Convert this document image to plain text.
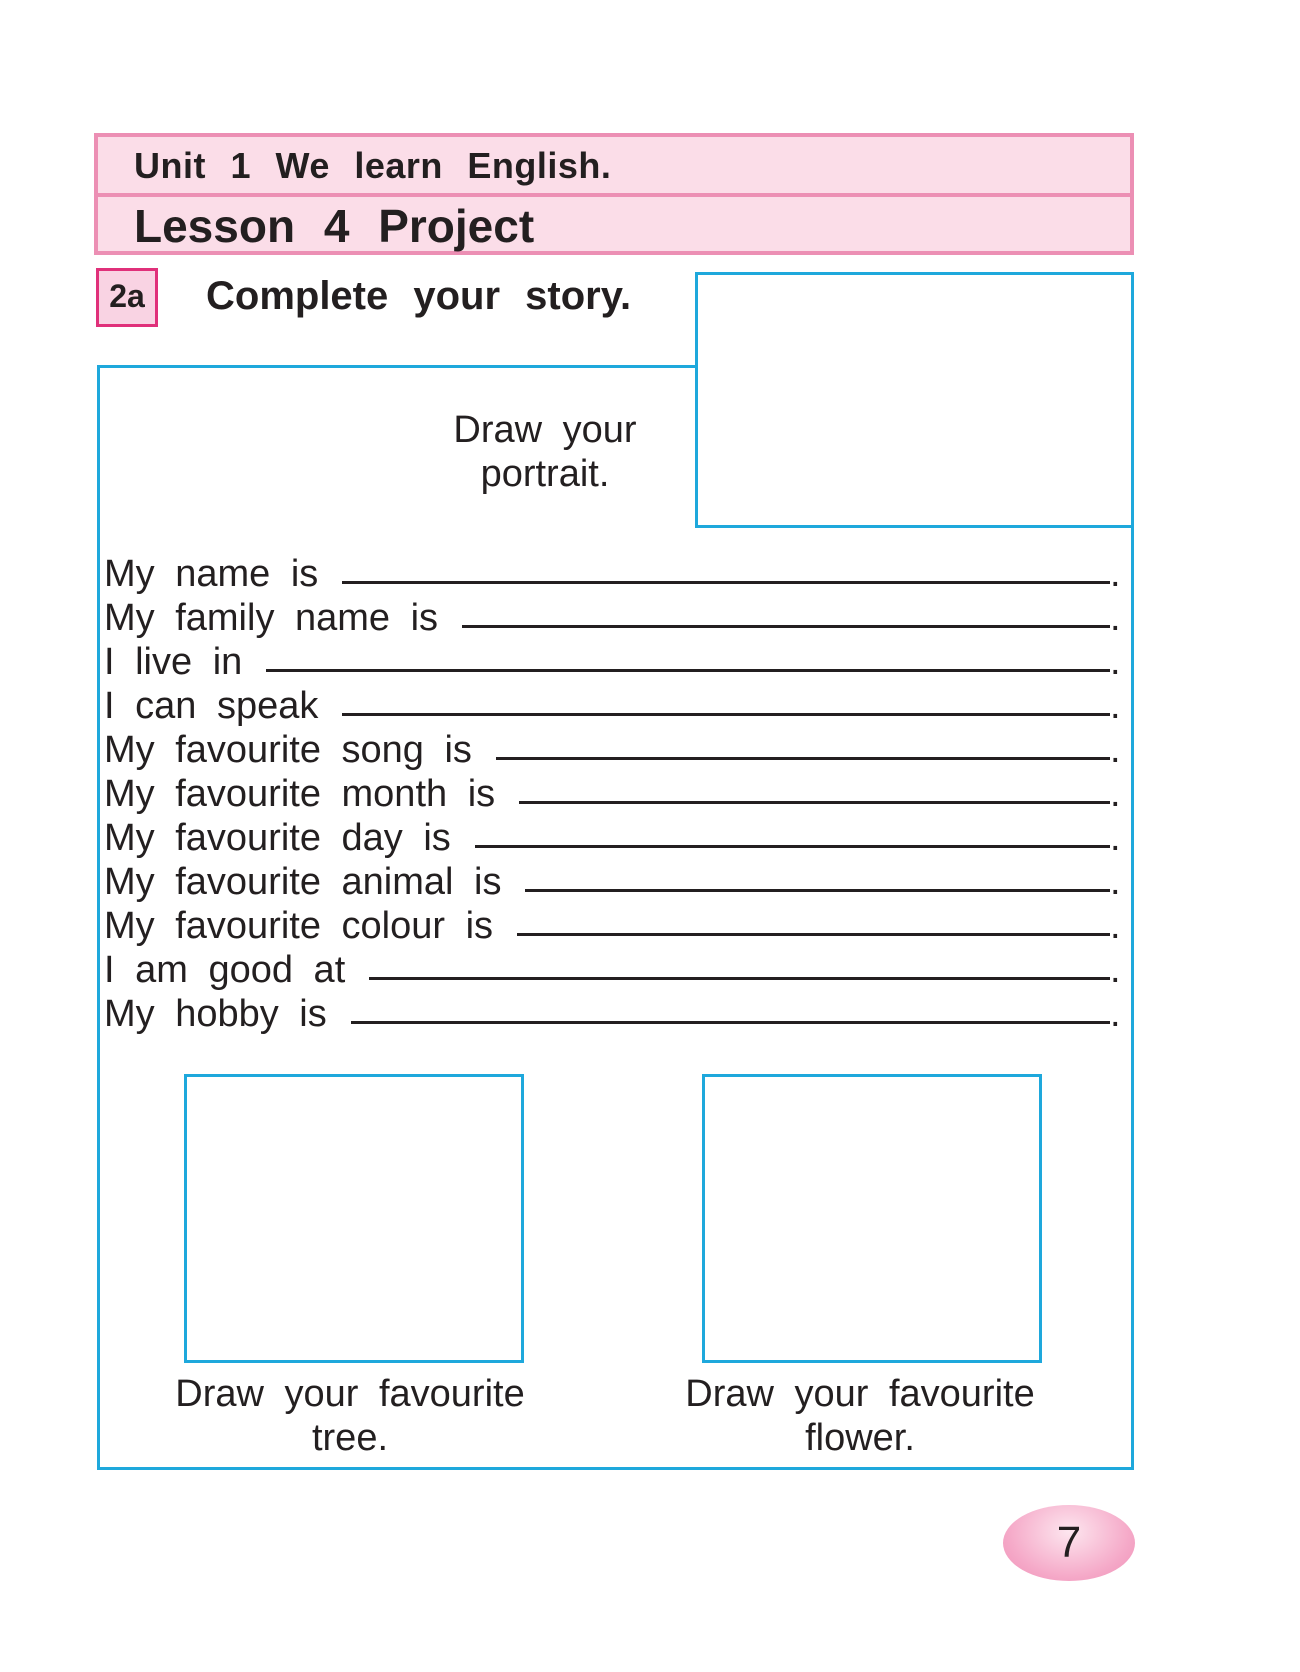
Unit 1 We learn English.
Lesson 4 Project
2a	Complete your story.
Draw your
portrait.
My name is	.
My family name is	.
I live in	.
I can speak	.
My favourite song is	.
My favourite month is	.
My favourite day is	.
My favourite animal is	.
My favourite colour is	.
I am good at	.
My hobby is	.
Draw your favourite
tree.
Draw your favourite
flower.
7
